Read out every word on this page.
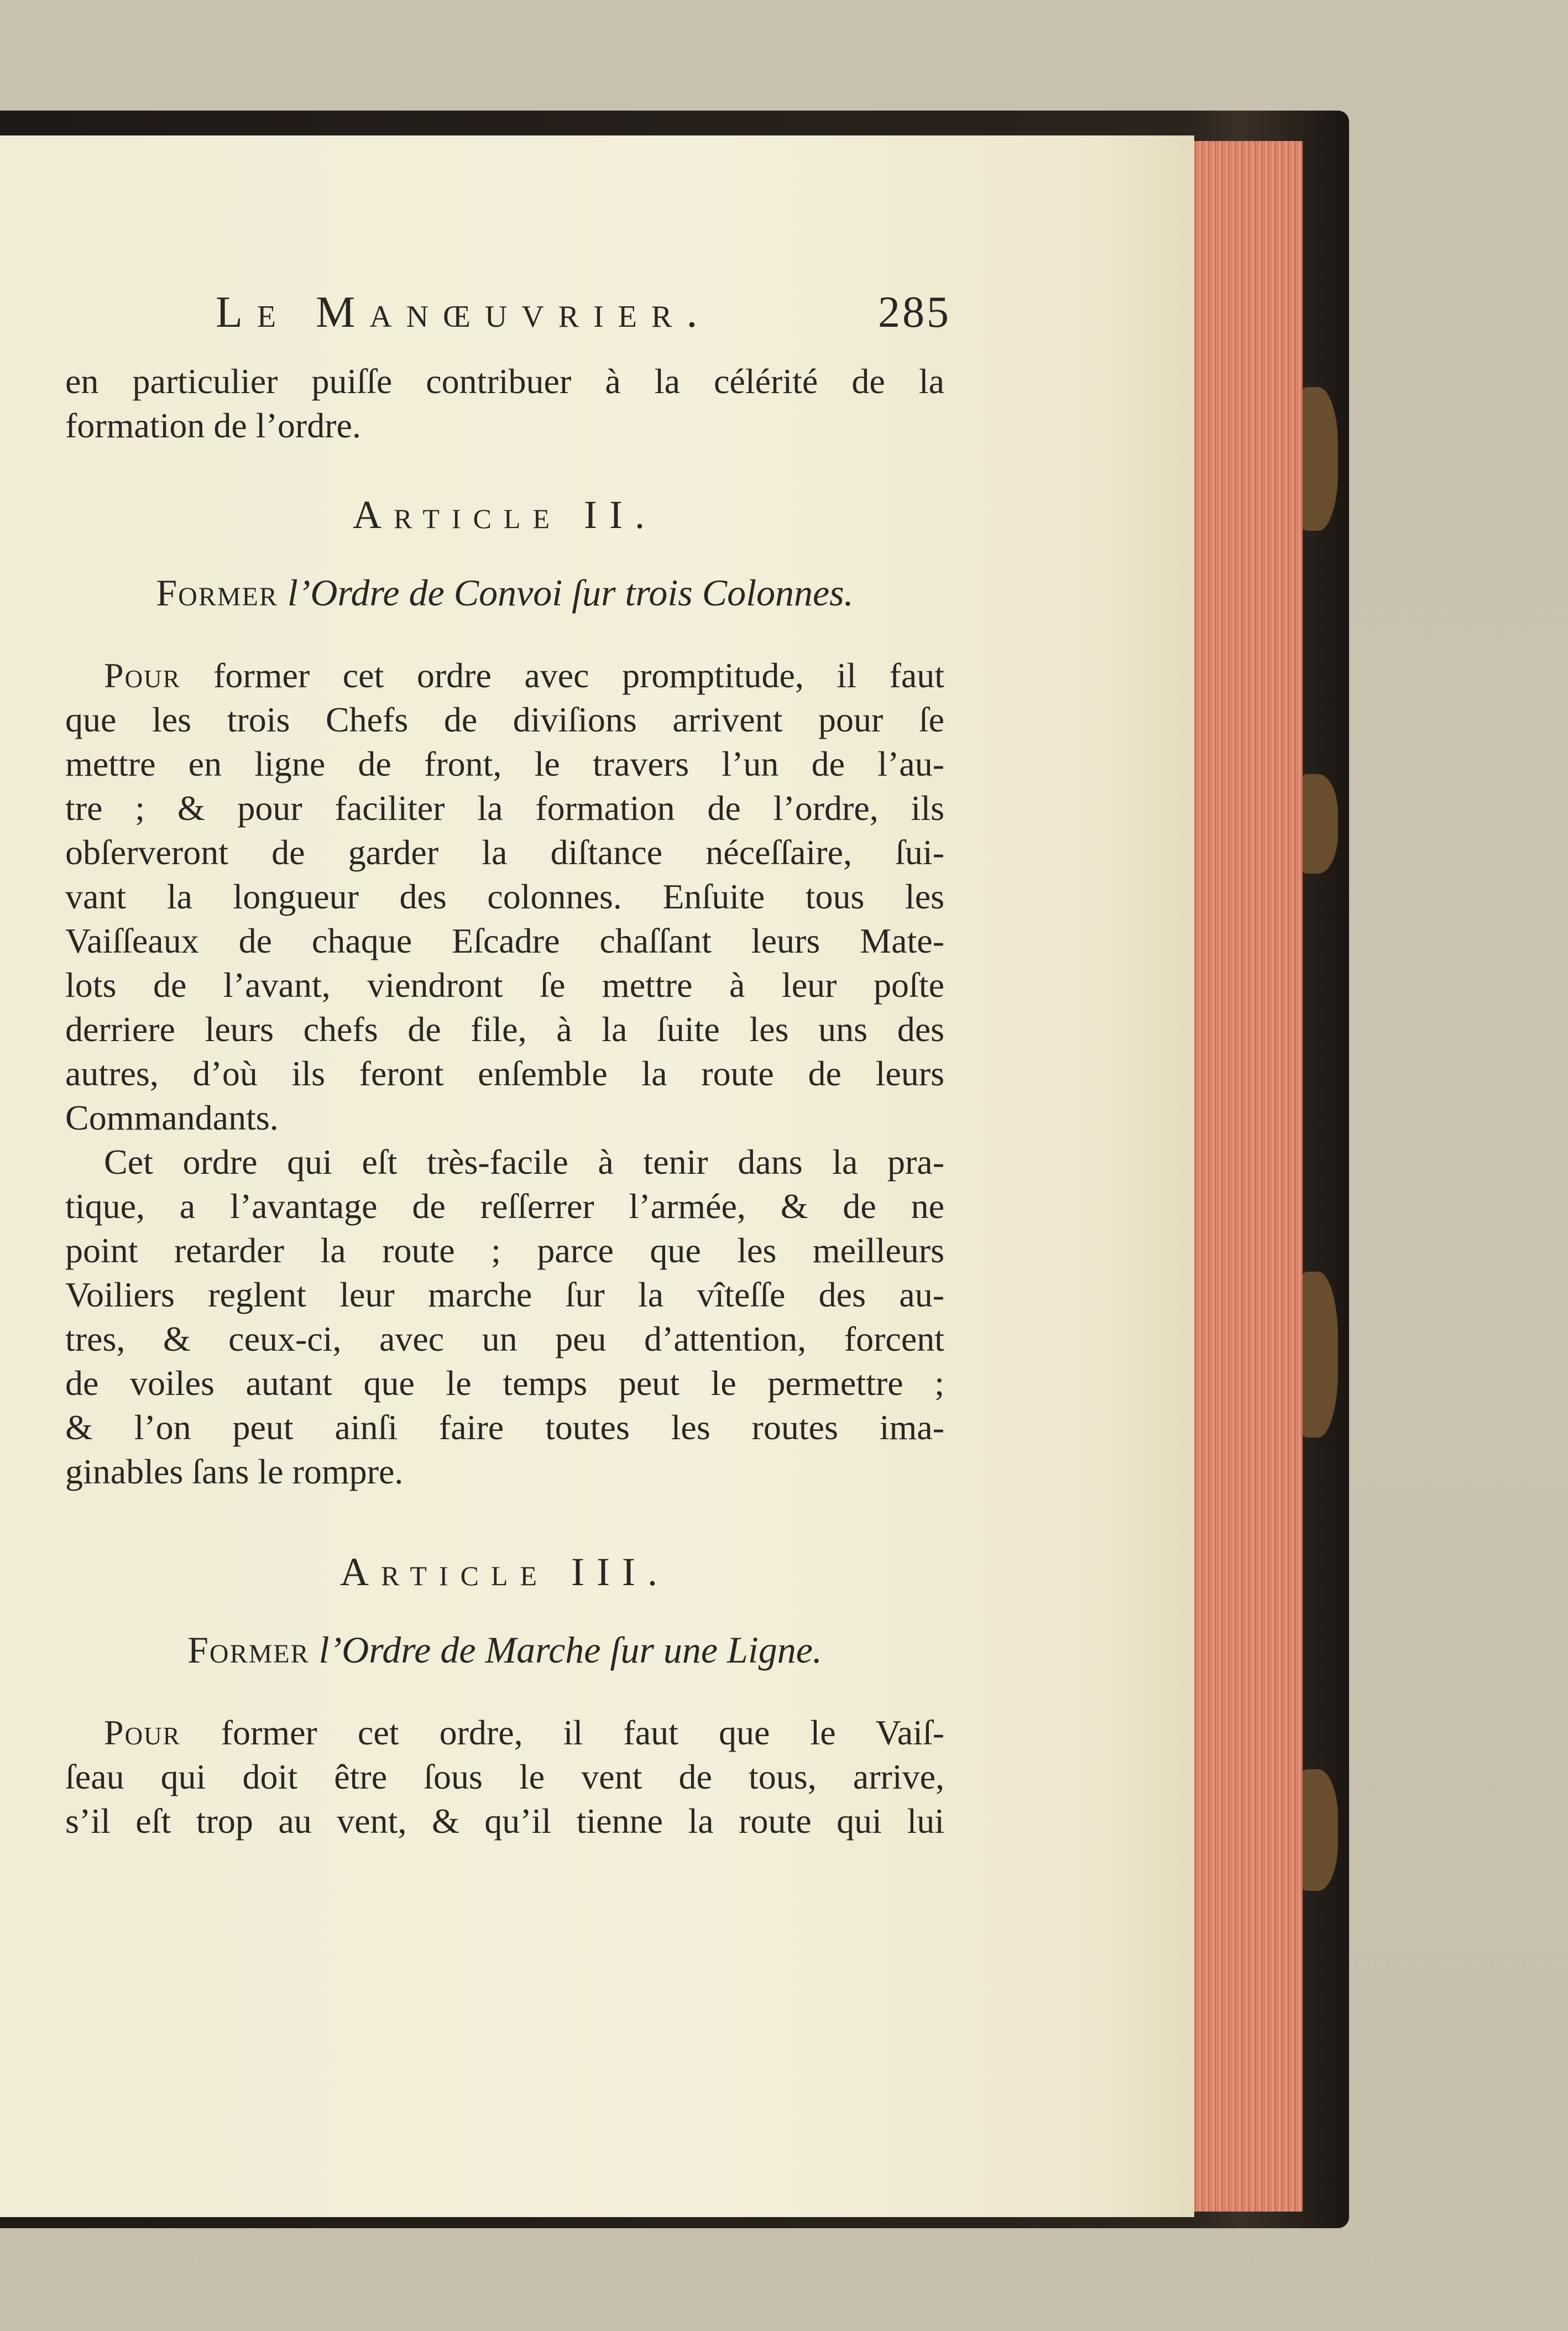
Le Manœuvrier.	285

en particulier puiſſe contribuer à la célérité de la
formation de l’ordre.

Article II.

Former l’Ordre de Convoi ſur trois Colonnes.

Pour former cet ordre avec promptitude, il faut
que les trois Chefs de diviſions arrivent pour ſe
mettre en ligne de front, le travers l’un de l’au-
tre ; & pour faciliter la formation de l’ordre, ils
obſerveront de garder la diſtance néceſſaire, ſui-
vant la longueur des colonnes. Enſuite tous les
Vaiſſeaux de chaque Eſcadre chaſſant leurs Mate-
lots de l’avant, viendront ſe mettre à leur poſte
derriere leurs chefs de file, à la ſuite les uns des
autres, d’où ils feront enſemble la route de leurs
Commandants.
Cet ordre qui eſt très-facile à tenir dans la pra-
tique, a l’avantage de reſſerrer l’armée, & de ne
point retarder la route ; parce que les meilleurs
Voiliers reglent leur marche ſur la vîteſſe des au-
tres, & ceux-ci, avec un peu d’attention, forcent
de voiles autant que le temps peut le permettre ;
& l’on peut ainſi faire toutes les routes ima-
ginables ſans le rompre.

Article III.

Former l’Ordre de Marche ſur une Ligne.

Pour former cet ordre, il faut que le Vaiſ-
ſeau qui doit être ſous le vent de tous, arrive,
s’il eſt trop au vent, & qu’il tienne la route qui lui
